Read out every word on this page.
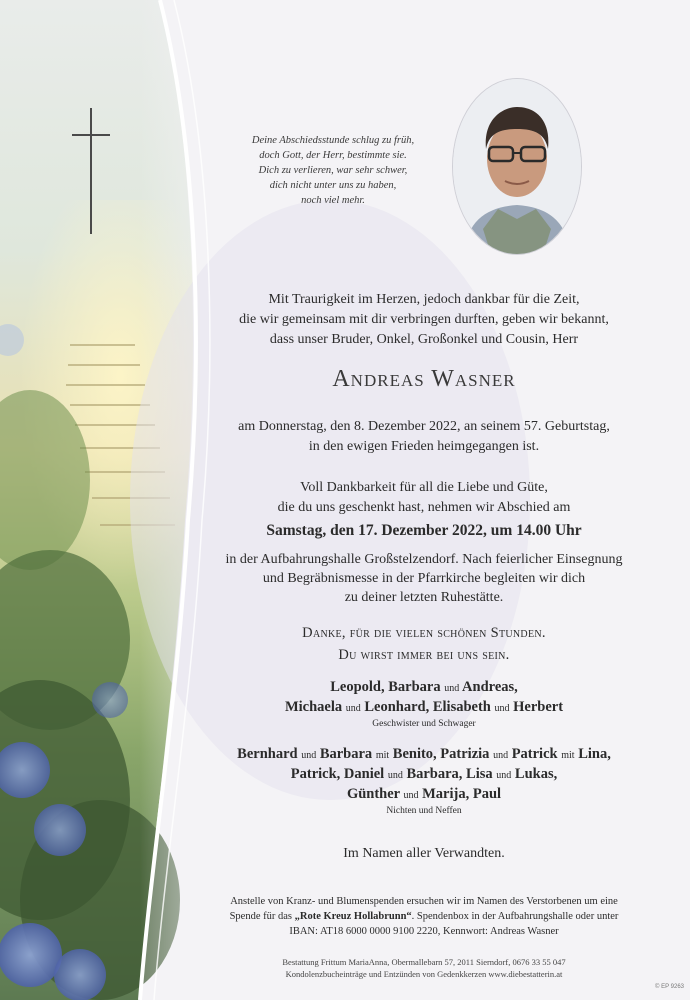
Deine Abschiedsstunde schlug zu früh,
doch Gott, der Herr, bestimmte sie.
Dich zu verlieren, war sehr schwer,
dich nicht unter uns zu haben,
noch viel mehr.
Mit Traurigkeit im Herzen, jedoch dankbar für die Zeit,
die wir gemeinsam mit dir verbringen durften, geben wir bekannt,
dass unser Bruder, Onkel, Großonkel und Cousin, Herr
Andreas Wasner
am Donnerstag, den 8. Dezember 2022, an seinem 57. Geburtstag,
in den ewigen Frieden heimgegangen ist.
Voll Dankbarkeit für all die Liebe und Güte,
die du uns geschenkt hast, nehmen wir Abschied am
Samstag, den 17. Dezember 2022, um 14.00 Uhr
in der Aufbahrungshalle Großstelzendorf. Nach feierlicher Einsegnung
und Begräbnismesse in der Pfarrkirche begleiten wir dich
zu deiner letzten Ruhestätte.
Danke, für die vielen schönen Stunden.
Du wirst immer bei uns sein.
Leopold, Barbara und Andreas,
Michaela und Leonhard, Elisabeth und Herbert
Geschwister und Schwager
Bernhard und Barbara mit Benito, Patrizia und Patrick mit Lina,
Patrick, Daniel und Barbara, Lisa und Lukas,
Günther und Marija, Paul
Nichten und Neffen
Im Namen aller Verwandten.
Anstelle von Kranz- und Blumenspenden ersuchen wir im Namen des Verstorbenen um eine
Spende für das „Rote Kreuz Hollabrunn“. Spendenbox in der Aufbahrungshalle oder unter
IBAN: AT18 6000 0000 9100 2220, Kennwort: Andreas Wasner
Bestattung Frittum MariaAnna, Obermallebarn 57, 2011 Sierndorf, 0676 33 55 047
Kondolenzbucheinträge und Entzünden von Gedenkkerzen www.diebestatterin.at
© EP 9263
